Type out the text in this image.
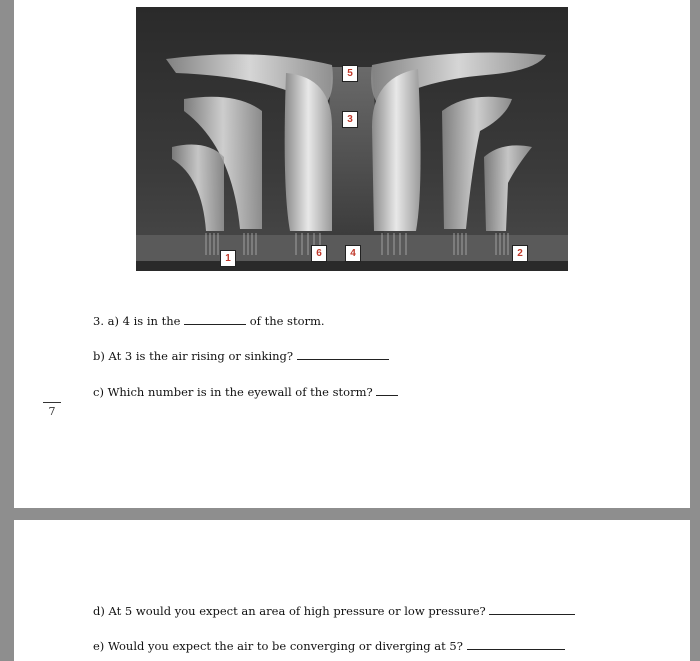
5
3
1	6	4	2
3. a) 4 is in the	of the storm.
b) At 3 is the air rising or sinking?
c) Which number is in the eyewall of the storm?
7
d) At 5 would you expect an area of high pressure or low pressure?
e) Would you expect the air to be converging or diverging at 5?
